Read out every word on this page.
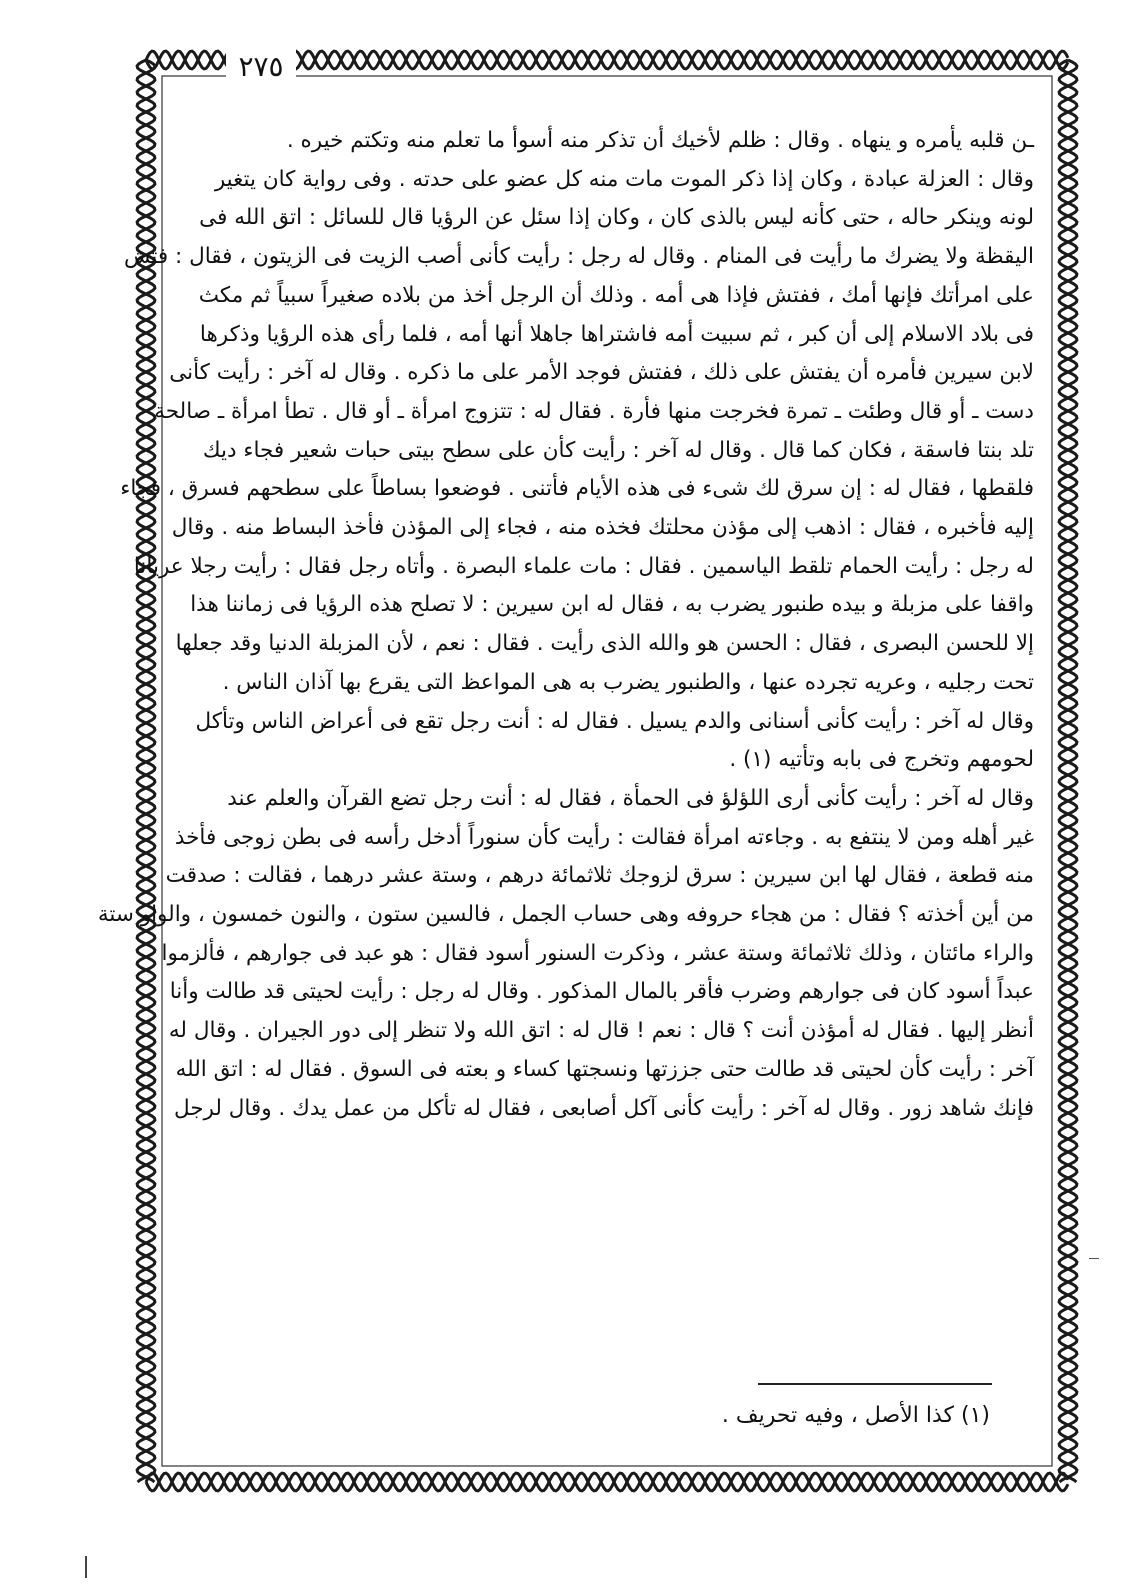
٢٧٥
ـن قلبه يأمره و ينهاه . وقال : ظلم لأخيك أن تذكر منه أسوأ ما تعلم منه وتكتم خيره .
وقال : العزلة عبادة ، وكان إذا ذكر الموت مات منه كل عضو على حدته . وفى رواية كان يتغير
لونه وينكر حاله ، حتى كأنه ليس بالذى كان ، وكان إذا سئل عن الرؤيا قال للسائل : اتق الله فى
اليقظة ولا يضرك ما رأيت فى المنام . وقال له رجل : رأيت كأنى أصب الزيت فى الزيتون ، فقال : فتش
على امرأتك فإنها أمك ، ففتش فإذا هى أمه . وذلك أن الرجل أخذ من بلاده صغيراً سبياً ثم مكث
فى بلاد الاسلام إلى أن كبر ، ثم سبيت أمه فاشتراها جاهلا أنها أمه ، فلما رأى هذه الرؤيا وذكرها
لابن سيرين فأمره أن يفتش على ذلك ، ففتش فوجد الأمر على ما ذكره . وقال له آخر : رأيت كأنى
دست ـ أو قال وطئت ـ تمرة فخرجت منها فأرة . فقال له : تتزوج امرأة ـ أو قال . تطأ امرأة ـ صالحة
تلد بنتا فاسقة ، فكان كما قال . وقال له آخر : رأيت كأن على سطح بيتى حبات شعير فجاء ديك
فلقطها ، فقال له : إن سرق لك شىء فى هذه الأيام فأتنى . فوضعوا بساطاً على سطحهم فسرق ، فجاء
إليه فأخبره ، فقال : اذهب إلى مؤذن محلتك فخذه منه ، فجاء إلى المؤذن فأخذ البساط منه . وقال
له رجل : رأيت الحمام تلقط الياسمين . فقال : مات علماء البصرة . وأتاه رجل فقال : رأيت رجلا عريانا
واقفا على مزبلة و بيده طنبور يضرب به ، فقال له ابن سيرين : لا تصلح هذه الرؤيا فى زماننا هذا
إلا للحسن البصرى ، فقال : الحسن هو والله الذى رأيت . فقال : نعم ، لأن المزبلة الدنيا وقد جعلها
تحت رجليه ، وعريه تجرده عنها ، والطنبور يضرب به هى المواعظ التى يقرع بها آذان الناس .
وقال له آخر : رأيت كأنى أسنانى والدم يسيل . فقال له : أنت رجل تقع فى أعراض الناس وتأكل
لحومهم وتخرج فى بابه وتأتيه (١) .
وقال له آخر : رأيت كأنى أرى اللؤلؤ فى الحمأة ، فقال له : أنت رجل تضع القرآن والعلم عند
غير أهله ومن لا ينتفع به . وجاءته امرأة فقالت : رأيت كأن سنوراً أدخل رأسه فى بطن زوجى فأخذ
منه قطعة ، فقال لها ابن سيرين : سرق لزوجك ثلاثمائة درهم ، وستة عشر درهما ، فقالت : صدقت
من أين أخذته ؟ فقال : من هجاء حروفه وهى حساب الجمل ، فالسين ستون ، والنون خمسون ، والواو ستة
والراء مائتان ، وذلك ثلاثمائة وستة عشر ، وذكرت السنور أسود فقال : هو عبد فى جوارهم ، فألزموا
عبداً أسود كان فى جوارهم وضرب فأقر بالمال المذكور . وقال له رجل : رأيت لحيتى قد طالت وأنا
أنظر إليها . فقال له أمؤذن أنت ؟ قال : نعم ! قال له : اتق الله ولا تنظر إلى دور الجيران . وقال له
آخر : رأيت كأن لحيتى قد طالت حتى جززتها ونسجتها كساء و بعته فى السوق . فقال له : اتق الله
فإنك شاهد زور . وقال له آخر : رأيت كأنى آكل أصابعى ، فقال له تأكل من عمل يدك . وقال لرجل
(١) كذا الأصل ، وفيه تحريف .
